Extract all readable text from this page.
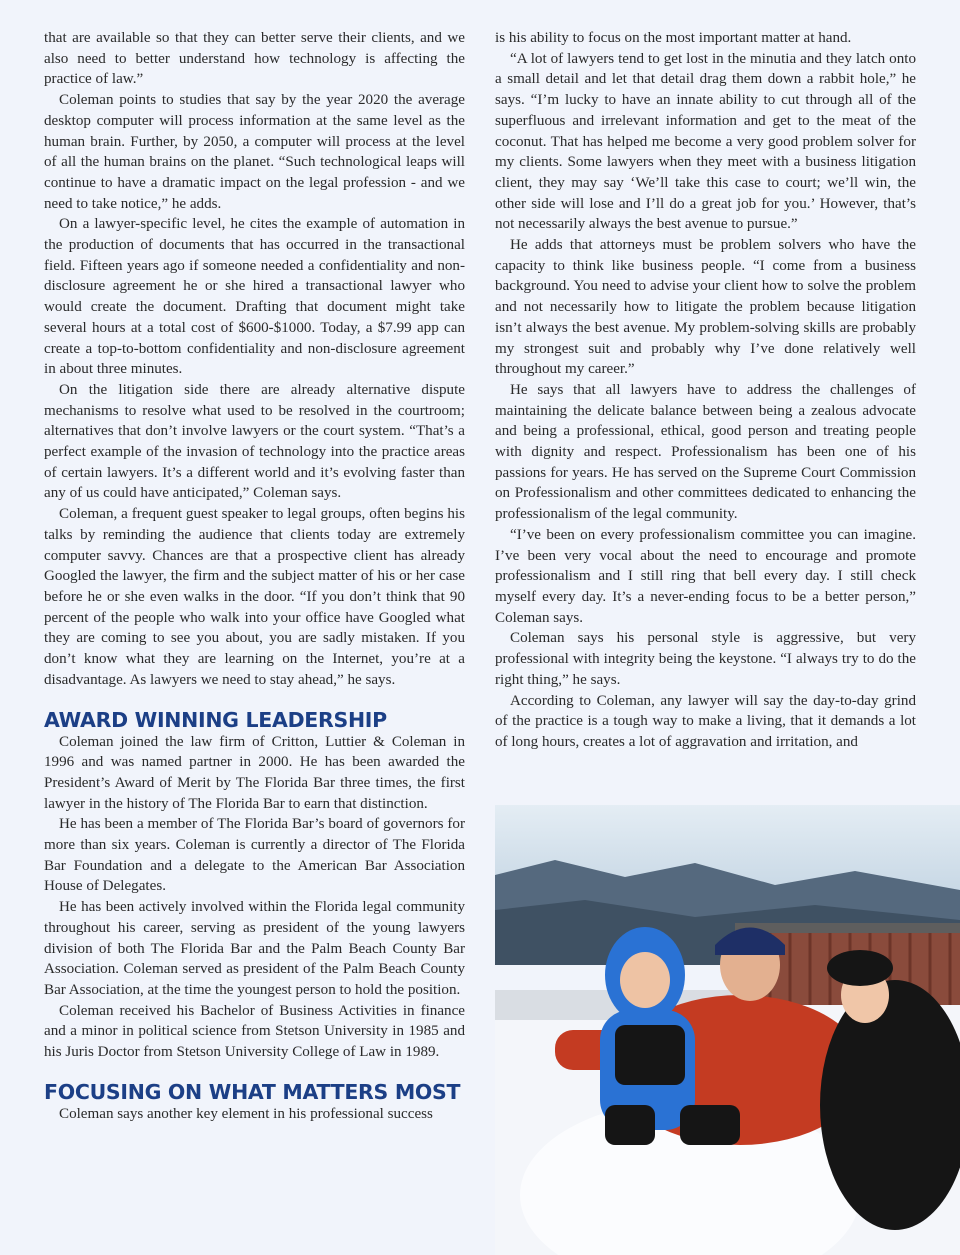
that are available so that they can better serve their clients, and we also need to better understand how technology is affecting the practice of law.”

Coleman points to studies that say by the year 2020 the average desktop computer will process information at the same level as the human brain. Further, by 2050, a computer will process at the level of all the human brains on the planet. “Such technological leaps will continue to have a dramatic impact on the legal profession - and we need to take notice,” he adds.

On a lawyer-specific level, he cites the example of automation in the production of documents that has occurred in the transactional field. Fifteen years ago if someone needed a confidentiality and non-disclosure agreement he or she hired a transactional lawyer who would create the document. Drafting that document might take several hours at a total cost of $600-$1000. Today, a $7.99 app can create a top-to-bottom confidentiality and non-disclosure agreement in about three minutes.

On the litigation side there are already alternative dispute mechanisms to resolve what used to be resolved in the courtroom; alternatives that don’t involve lawyers or the court system. “That’s a perfect example of the invasion of technology into the practice areas of certain lawyers. It’s a different world and it’s evolving faster than any of us could have anticipated,” Coleman says.

Coleman, a frequent guest speaker to legal groups, often begins his talks by reminding the audience that clients today are extremely computer savvy. Chances are that a prospective client has already Googled the lawyer, the firm and the subject matter of his or her case before he or she even walks in the door. “If you don’t think that 90 percent of the people who walk into your office have Googled what they are coming to see you about, you are sadly mistaken. If you don’t know what they are learning on the Internet, you’re at a disadvantage. As lawyers we need to stay ahead,” he says.

AWARD WINNING LEADERSHIP

Coleman joined the law firm of Critton, Luttier & Coleman in 1996 and was named partner in 2000. He has been awarded the President’s Award of Merit by The Florida Bar three times, the first lawyer in the history of The Florida Bar to earn that distinction.

He has been a member of The Florida Bar’s board of governors for more than six years. Coleman is currently a director of The Florida Bar Foundation and a delegate to the American Bar Association House of Delegates.

He has been actively involved within the Florida legal community throughout his career, serving as president of the young lawyers division of both The Florida Bar and the Palm Beach County Bar Association. Coleman served as president of the Palm Beach County Bar Association, at the time the youngest person to hold the position.

Coleman received his Bachelor of Business Activities in finance and a minor in political science from Stetson University in 1985 and his Juris Doctor from Stetson University College of Law in 1989.

FOCUSING ON WHAT MATTERS MOST

Coleman says another key element in his professional success

is his ability to focus on the most important matter at hand.

“A lot of lawyers tend to get lost in the minutia and they latch onto a small detail and let that detail drag them down a rabbit hole,” he says. “I’m lucky to have an innate ability to cut through all of the superfluous and irrelevant information and get to the meat of the coconut. That has helped me become a very good problem solver for my clients. Some lawyers when they meet with a business litigation client, they may say ‘We’ll take this case to court; we’ll win, the other side will lose and I’ll do a great job for you.’ However, that’s not necessarily always the best avenue to pursue.”

He adds that attorneys must be problem solvers who have the capacity to think like business people. “I come from a business background. You need to advise your client how to solve the problem and not necessarily how to litigate the problem because litigation isn’t always the best avenue. My problem-solving skills are probably my strongest suit and probably why I’ve done relatively well throughout my career.”

He says that all lawyers have to address the challenges of maintaining the delicate balance between being a zealous advocate and being a professional, ethical, good person and treating people with dignity and respect. Professionalism has been one of his passions for years. He has served on the Supreme Court Commission on Professionalism and other committees dedicated to enhancing the professionalism of the legal community.

“I’ve been on every professionalism committee you can imagine. I’ve been very vocal about the need to encourage and promote professionalism and I still ring that bell every day. I still check myself every day. It’s a never-ending focus to be a better person,” Coleman says.

Coleman says his personal style is aggressive, but very professional with integrity being the keystone. “I always try to do the right thing,” he says.

According to Coleman, any lawyer will say the day-to-day grind of the practice is a tough way to make a living, that it demands a lot of long hours, creates a lot of aggravation and irritation, and
